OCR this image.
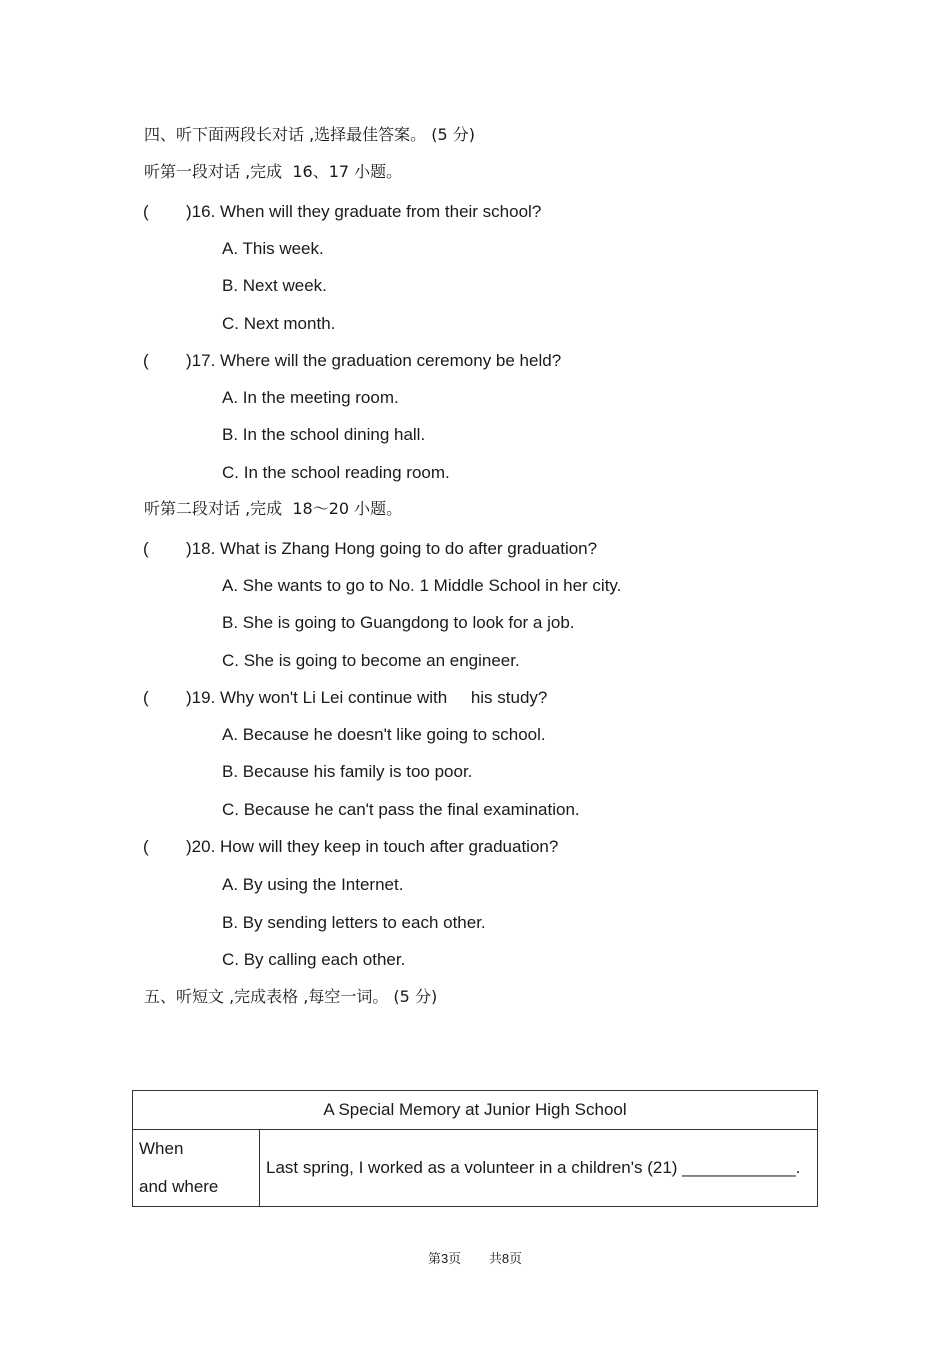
四、听下面两段长对话 ,选择最佳答案。 (5 分)
听第一段对话 ,完成  16、17 小题。
( )16. When will they graduate from their school?
A. This week.
B. Next week.
C. Next month.
( )17. Where will the graduation ceremony be held?
A. In the meeting room.
B. In the school dining hall.
C. In the school reading room.
听第二段对话 ,完成  18～20 小题。
( )18. What is Zhang Hong going to do after graduation?
A. She wants to go to No. 1 Middle School in her city.
B. She is going to Guangdong to look for a job.
C. She is going to become an engineer.
( )19. Why won't Li Lei continue with     his study?
A. Because he doesn't like going to school.
B. Because his family is too poor.
C. Because he can't pass the final examination.
( )20. How will they keep in touch after graduation?
A. By using the Internet.
B. By sending letters to each other.
C. By calling each other.
五、听短文 ,完成表格 ,每空一词。 (5 分)
A Special Memory at Junior High School

When
and where
	Last spring, I worked as a volunteer in a children's (21) ____________.
第3页 共8页
